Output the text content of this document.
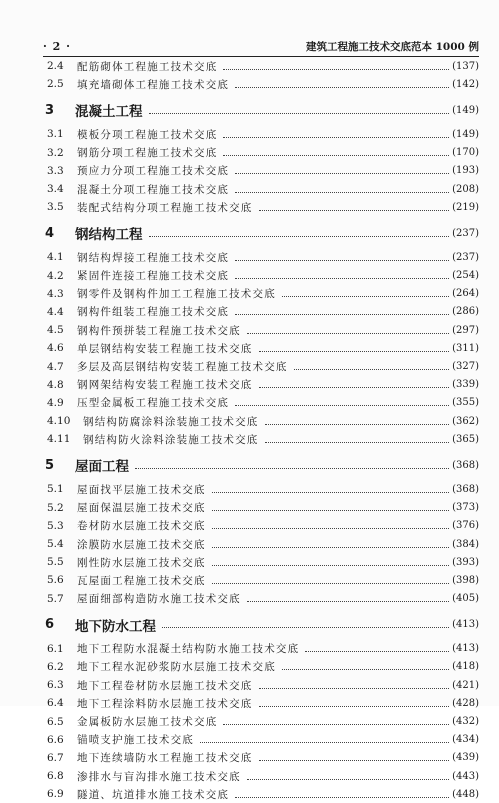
· 2 ·	建筑工程施工技术交底范本 1000 例
2.4	配筋砌体工程施工技术交底	(137)
2.5	填充墙砌体工程施工技术交底	(142)
3	混凝土工程	(149)
3.1	模板分项工程施工技术交底	(149)
3.2	钢筋分项工程施工技术交底	(170)
3.3	预应力分项工程施工技术交底	(193)
3.4	混凝土分项工程施工技术交底	(208)
3.5	装配式结构分项工程施工技术交底	(219)
4	钢结构工程	(237)
4.1	钢结构焊接工程施工技术交底	(237)
4.2	紧固件连接工程施工技术交底	(254)
4.3	钢零件及钢构件加工工程施工技术交底	(264)
4.4	钢构件组装工程施工技术交底	(286)
4.5	钢构件预拼装工程施工技术交底	(297)
4.6	单层钢结构安装工程施工技术交底	(311)
4.7	多层及高层钢结构安装工程施工技术交底	(327)
4.8	钢网架结构安装工程施工技术交底	(339)
4.9	压型金属板工程施工技术交底	(355)
4.10	钢结构防腐涂料涂装施工技术交底	(362)
4.11	钢结构防火涂料涂装施工技术交底	(365)
5	屋面工程	(368)
5.1	屋面找平层施工技术交底	(368)
5.2	屋面保温层施工技术交底	(373)
5.3	卷材防水层施工技术交底	(376)
5.4	涂膜防水层施工技术交底	(384)
5.5	刚性防水层施工技术交底	(393)
5.6	瓦屋面工程施工技术交底	(398)
5.7	屋面细部构造防水施工技术交底	(405)
6	地下防水工程	(413)
6.1	地下工程防水混凝土结构防水施工技术交底	(413)
6.2	地下工程水泥砂浆防水层施工技术交底	(418)
6.3	地下工程卷材防水层施工技术交底	(421)
6.4	地下工程涂料防水层施工技术交底	(428)
6.5	金属板防水层施工技术交底	(432)
6.6	锚喷支护施工技术交底	(434)
6.7	地下连续墙防水工程施工技术交底	(439)
6.8	渗排水与盲沟排水施工技术交底	(443)
6.9	隧道、坑道排水施工技术交底	(448)
